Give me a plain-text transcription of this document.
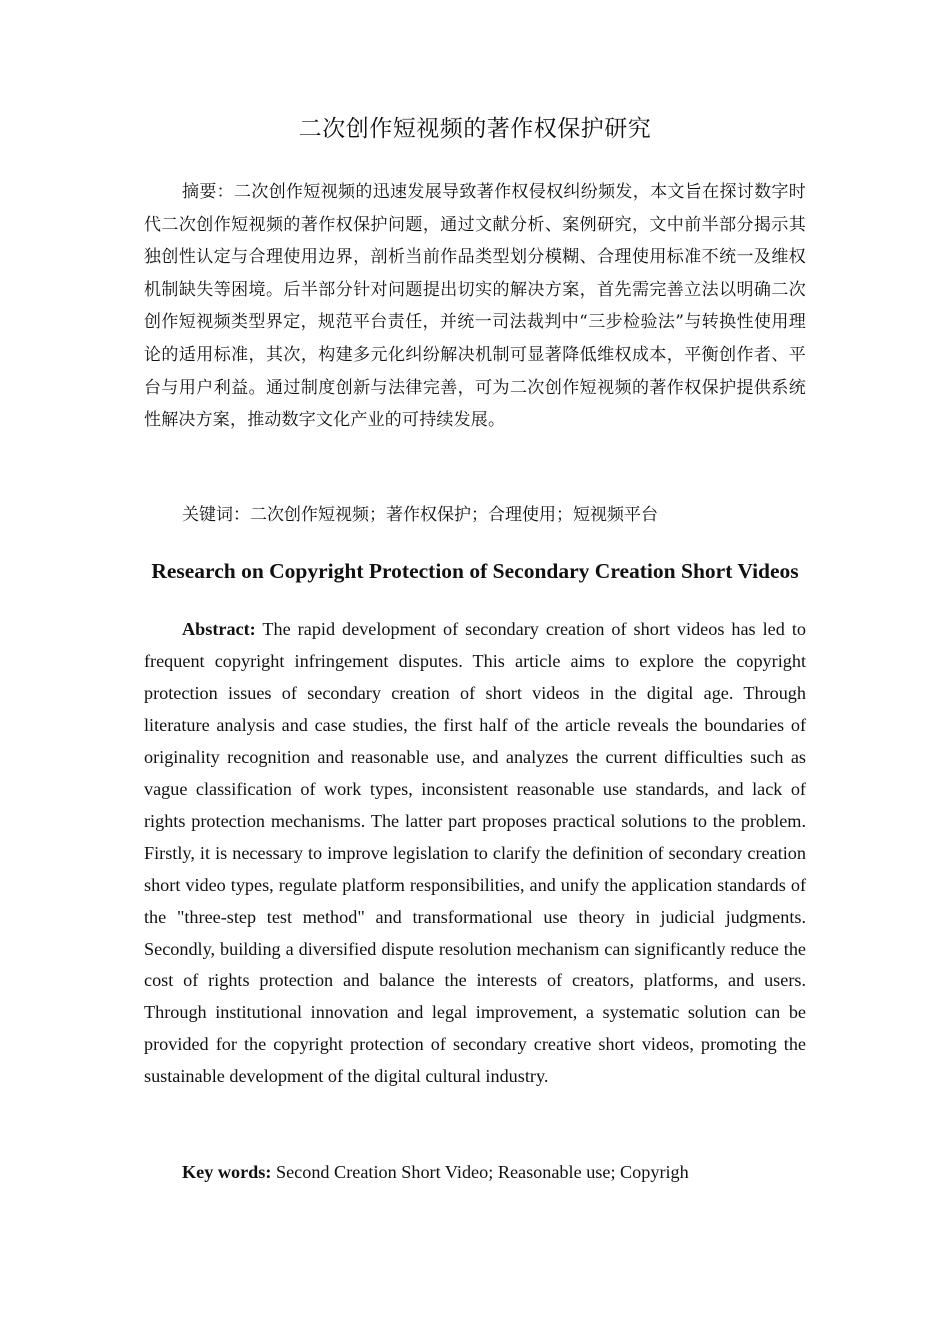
二次创作短视频的著作权保护研究

摘要：二次创作短视频的迅速发展导致著作权侵权纠纷频发，本文旨在探讨数字时代二次创作短视频的著作权保护问题，通过文献分析、案例研究，文中前半部分揭示其独创性认定与合理使用边界，剖析当前作品类型划分模糊、合理使用标准不统一及维权机制缺失等困境。后半部分针对问题提出切实的解决方案，首先需完善立法以明确二次创作短视频类型界定，规范平台责任，并统一司法裁判中“三步检验法”与转换性使用理论的适用标准，其次，构建多元化纠纷解决机制可显著降低维权成本，平衡创作者、平台与用户利益。通过制度创新与法律完善，可为二次创作短视频的著作权保护提供系统性解决方案，推动数字文化产业的可持续发展。

关键词：二次创作短视频；著作权保护；合理使用；短视频平台

Research on Copyright Protection of Secondary Creation Short Videos

Abstract: The rapid development of secondary creation of short videos has led to frequent copyright infringement disputes. This article aims to explore the copyright protection issues of secondary creation of short videos in the digital age. Through literature analysis and case studies, the first half of the article reveals the boundaries of originality recognition and reasonable use, and analyzes the current difficulties such as vague classification of work types, inconsistent reasonable use standards, and lack of rights protection mechanisms. The latter part proposes practical solutions to the problem. Firstly, it is necessary to improve legislation to clarify the definition of secondary creation short video types, regulate platform responsibilities, and unify the application standards of the "three-step test method" and transformational use theory in judicial judgments. Secondly, building a diversified dispute resolution mechanism can significantly reduce the cost of rights protection and balance the interests of creators, platforms, and users. Through institutional innovation and legal improvement, a systematic solution can be provided for the copyright protection of secondary creative short videos, promoting the sustainable development of the digital cultural industry.

Key words: Second Creation Short Video; Reasonable use; Copyrigh
